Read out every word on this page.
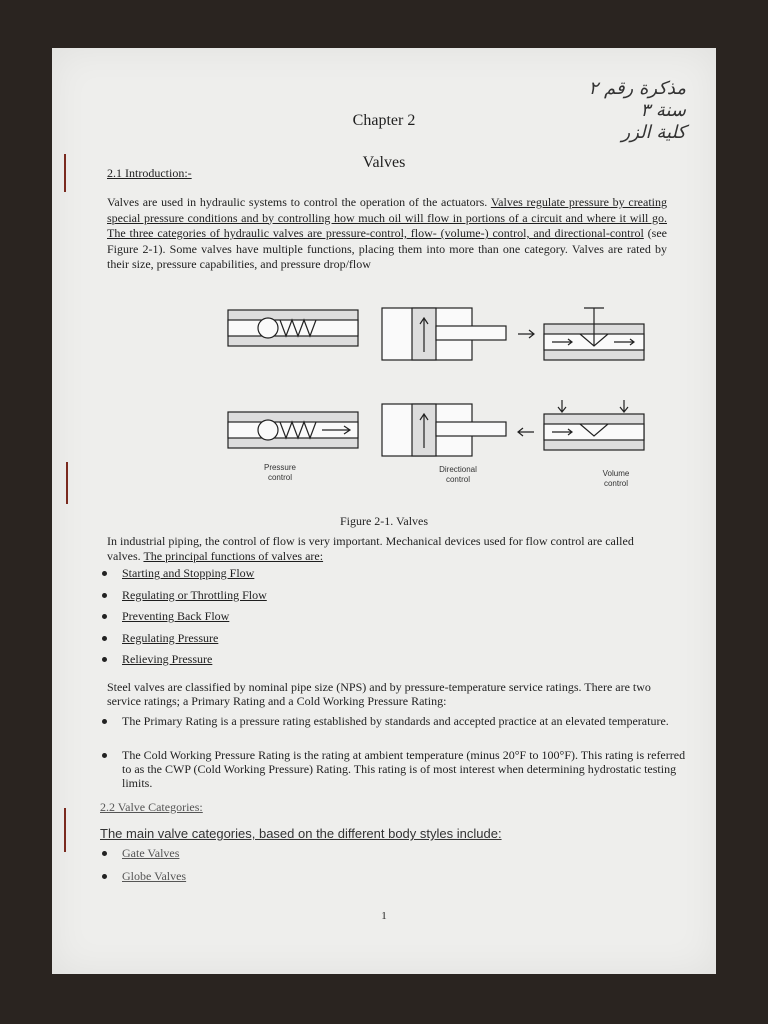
مذكرة رقم ٢
سنة ٣
كلية الزر
Chapter 2
Valves
2.1 Introduction:-
Valves are used in hydraulic systems to control the operation of the actuators. Valves regulate pressure by creating special pressure conditions and by controlling how much oil will flow in portions of a circuit and where it will go. The three categories of hydraulic valves are pressure-control, flow- (volume-) control, and directional-control (see Figure 2-1). Some valves have multiple functions, placing them into more than one category. Valves are rated by their size, pressure capabilities, and pressure drop/flow
Pressure
control
Directional
control
Volume
control
Figure 2-1. Valves
In industrial piping, the control of flow is very important. Mechanical devices used for flow control are called valves. The principal functions of valves are:
Starting and Stopping Flow
Regulating or Throttling Flow
Preventing Back Flow
Regulating Pressure
Relieving Pressure
Steel valves are classified by nominal pipe size (NPS) and by pressure-temperature service ratings. There are two service ratings; a Primary Rating and a Cold Working Pressure Rating:
The Primary Rating is a pressure rating established by standards and accepted practice at an elevated temperature.
The Cold Working Pressure Rating is the rating at ambient temperature (minus 20°F to 100°F). This rating is referred to as the CWP (Cold Working Pressure) Rating. This rating is of most interest when determining hydrostatic testing limits.
2.2 Valve Categories:
The main valve categories, based on the different body styles include:
Gate Valves
Globe Valves
1
